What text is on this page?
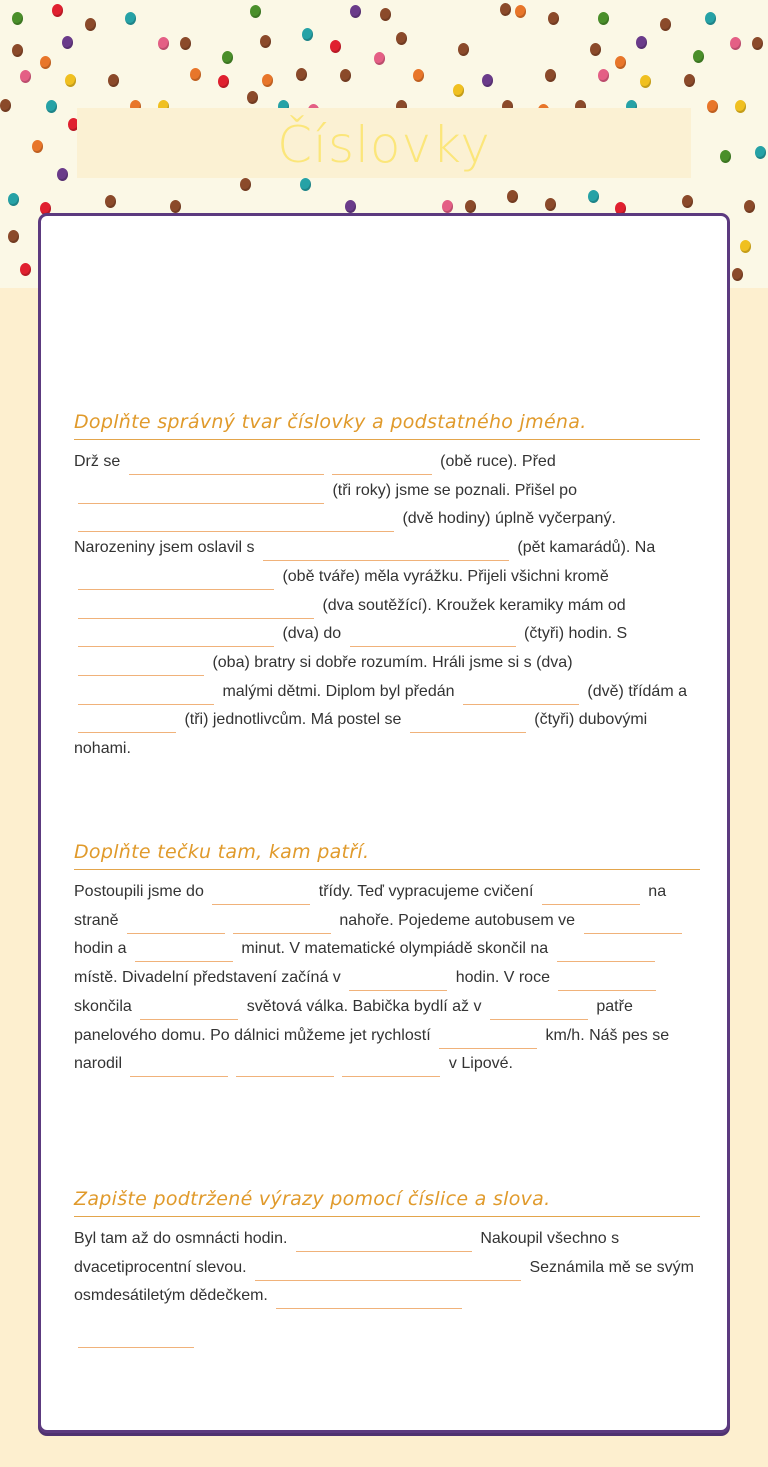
Číslovky
Doplňte správný tvar číslovky a podstatného jména.
Drž se	(obě ruce). Před  (tři roky) jsme se poznali. Přišel po  (dvě hodiny) úplně vyčerpaný. Narozeniny jsem oslavil s	(pět kamarádů). Na  (obě tváře) měla vyrážku. Přijeli všichni kromě  (dva soutěžící). Kroužek keramiky mám od  (dva) do	(čtyři) hodin. S  (oba) bratry si dobře rozumím. Hráli jsme si s (dva)  malými dětmi. Diplom byl předán	(dvě) třídám a  (tři) jednotlivcům. Má postel se	(čtyři) dubovými nohami.
Doplňte tečku tam, kam patří.
Postoupili jsme do	třídy. Teď vypracujeme cvičení	na straně	nahoře. Pojedeme autobusem ve  hodin a	minut. V matematické olympiádě skončil na  místě. Divadelní představení začíná v	hodin. V roce  skončila	světová válka. Babička bydlí až v	patře panelového domu. Po dálnici můžeme jet rychlostí	km/h. Náš pes se narodil	v Lipové.
Zapište podtržené výrazy pomocí číslice a slova.
Byl tam až do osmnácti hodin.	Nakoupil všechno s dvacetiprocentní slevou.	Seznámila mě se svým osmdesátiletým dědečkem.
